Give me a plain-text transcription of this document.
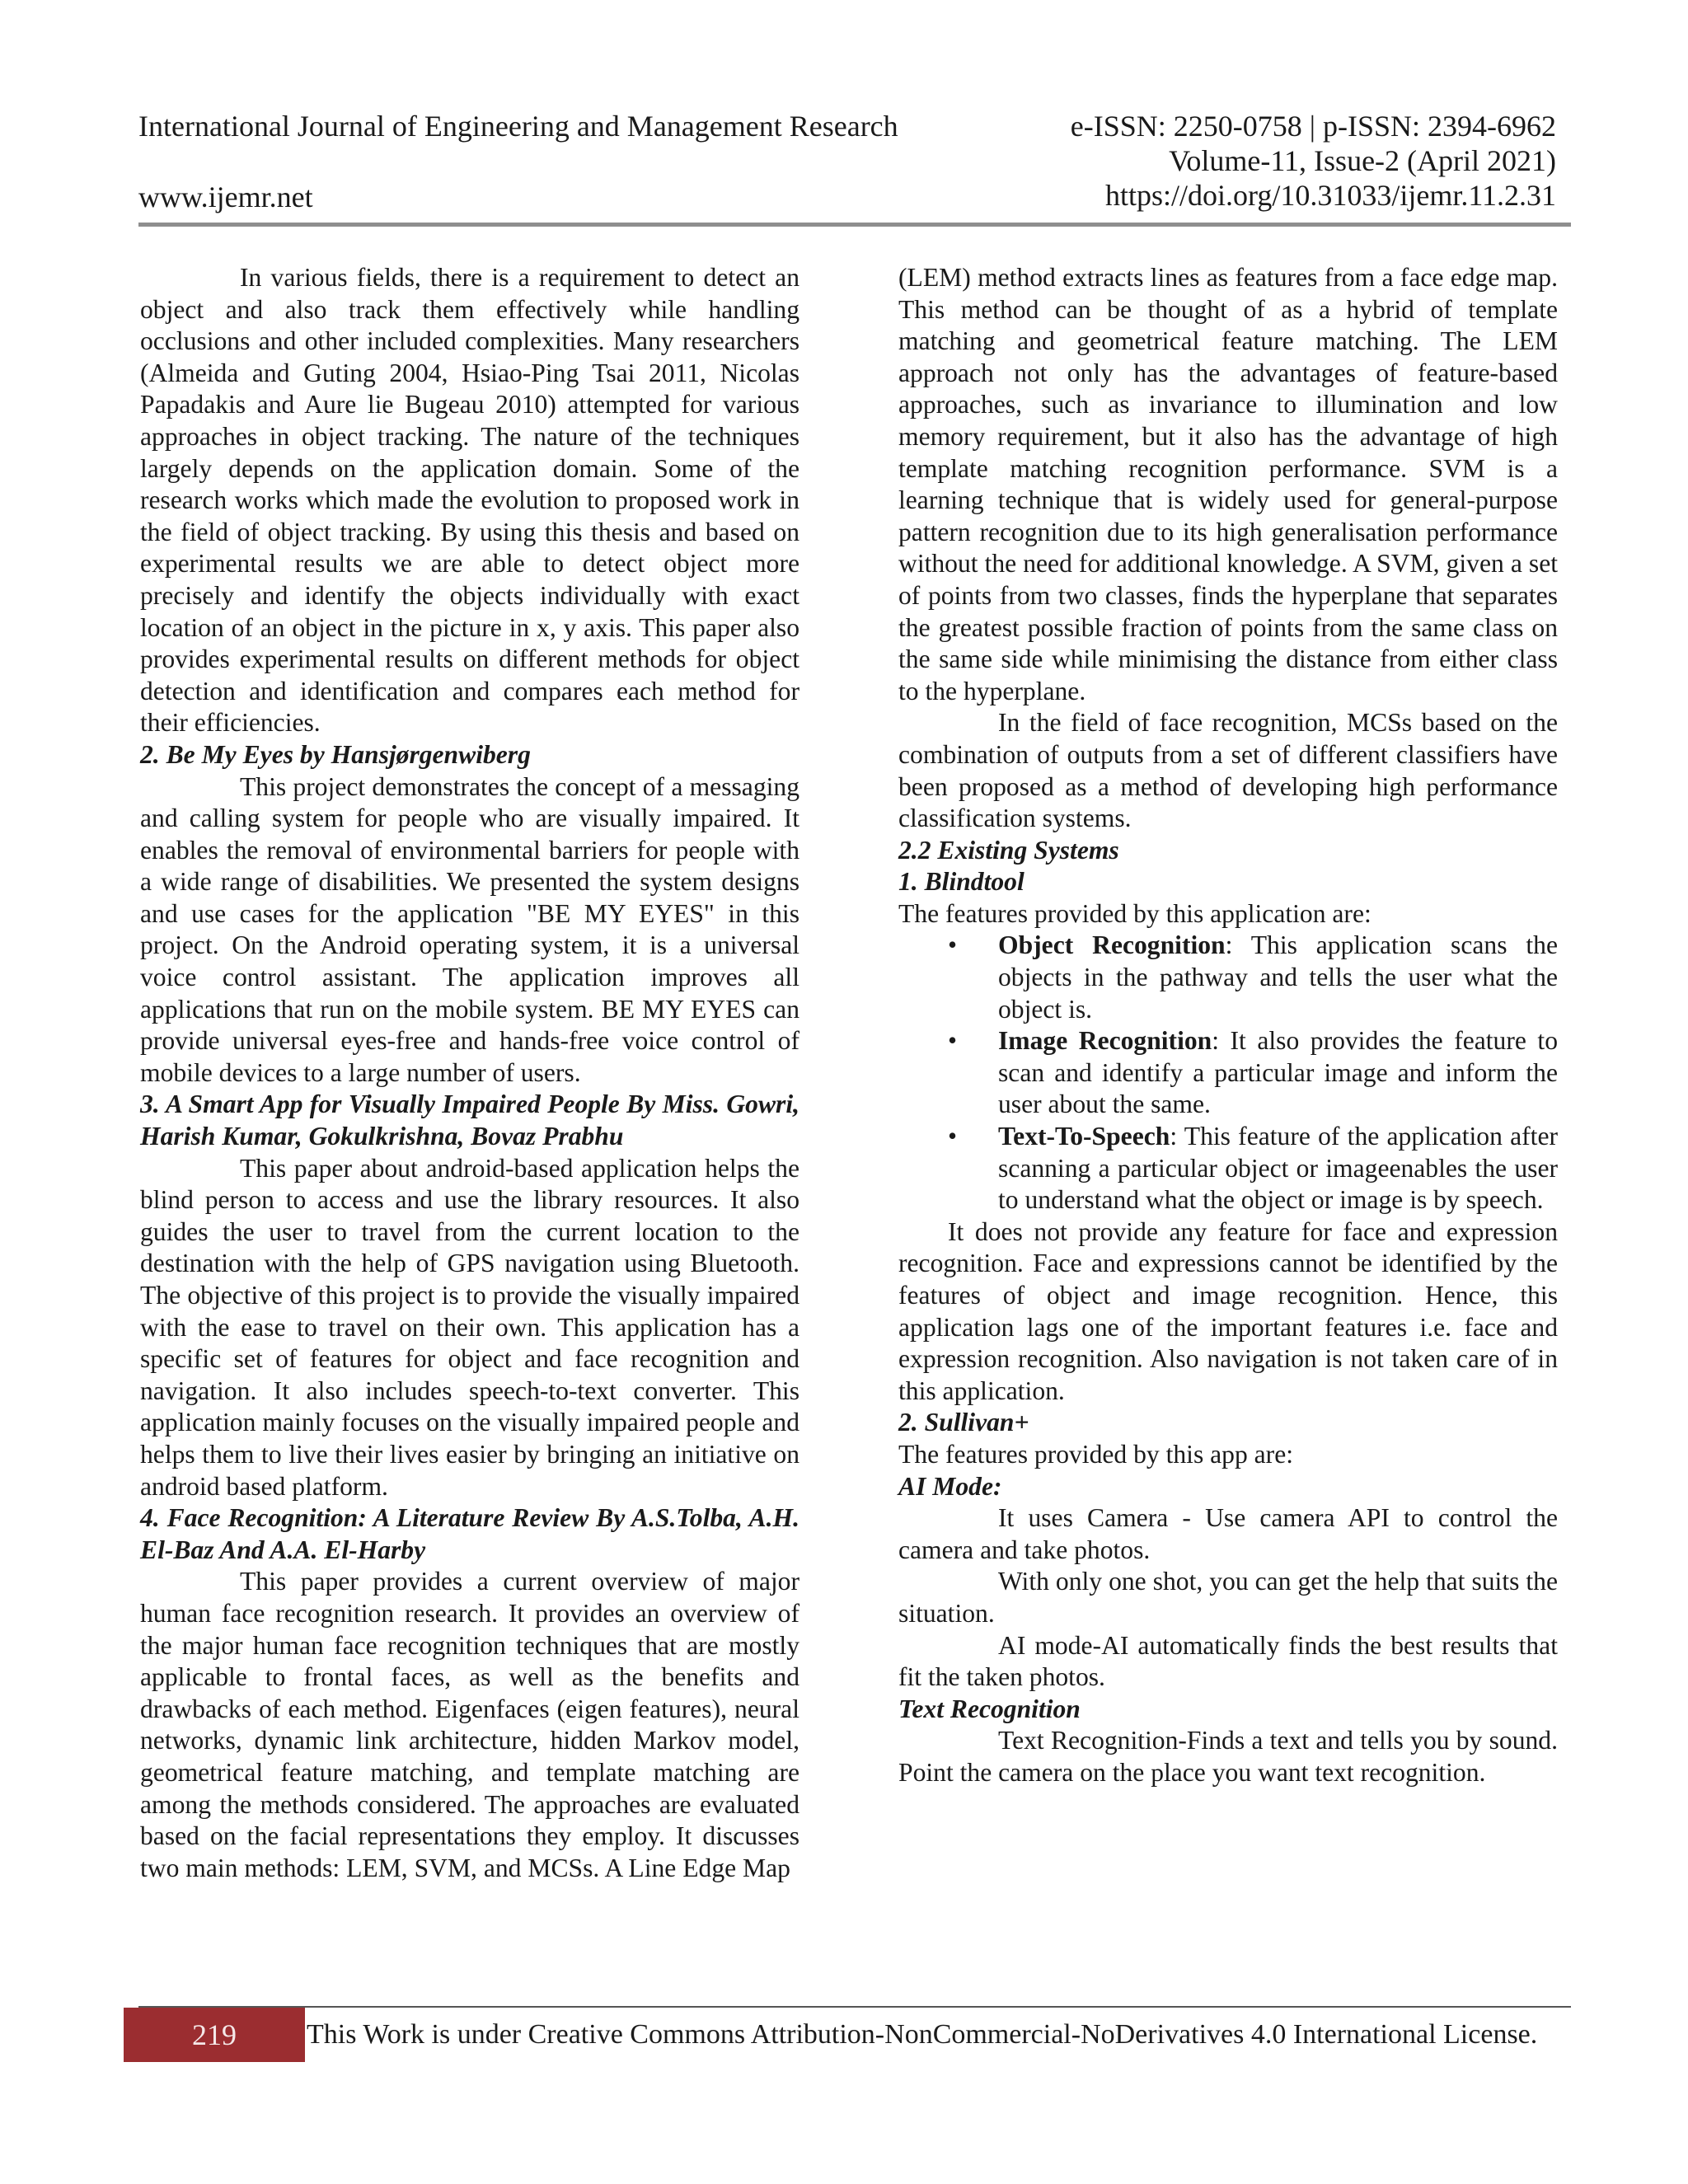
International Journal of Engineering and Management Research	e-ISSN: 2250-0758 | p-ISSN: 2394-6962
Volume-11, Issue-2 (April 2021)
https://doi.org/10.31033/ijemr.11.2.31
www.ijemr.net

In various fields, there is a requirement to detect an object and also track them effectively while handling occlusions and other included complexities. Many researchers (Almeida and Guting 2004, Hsiao-Ping Tsai 2011, Nicolas Papadakis and Aure lie Bugeau 2010) attempted for various approaches in object tracking. The nature of the techniques largely depends on the application domain. Some of the research works which made the evolution to proposed work in the field of object tracking. By using this thesis and based on experimental results we are able to detect object more precisely and identify the objects individually with exact location of an object in the picture in x, y axis. This paper also provides experimental results on different methods for object detection and identification and compares each method for their efficiencies.

2. Be My Eyes by Hansjørgenwiberg

This project demonstrates the concept of a messaging and calling system for people who are visually impaired. It enables the removal of environmental barriers for people with a wide range of disabilities. We presented the system designs and use cases for the application "BE MY EYES" in this project. On the Android operating system, it is a universal voice control assistant. The application improves all applications that run on the mobile system. BE MY EYES can provide universal eyes-free and hands-free voice control of mobile devices to a large number of users.

3. A Smart App for Visually Impaired People By Miss. Gowri, Harish Kumar, Gokulkrishna, Bovaz Prabhu

This paper about android-based application helps the blind person to access and use the library resources. It also guides the user to travel from the current location to the destination with the help of GPS navigation using Bluetooth. The objective of this project is to provide the visually impaired with the ease to travel on their own. This application has a specific set of features for object and face recognition and navigation. It also includes speech-to-text converter. This application mainly focuses on the visually impaired people and helps them to live their lives easier by bringing an initiative on android based platform.

4. Face Recognition: A Literature Review By A.S.Tolba, A.H. El-Baz And A.A. El-Harby

This paper provides a current overview of major human face recognition research. It provides an overview of the major human face recognition techniques that are mostly applicable to frontal faces, as well as the benefits and drawbacks of each method. Eigenfaces (eigen features), neural networks, dynamic link architecture, hidden Markov model, geometrical feature matching, and template matching are among the methods considered. The approaches are evaluated based on the facial representations they employ. It discusses two main methods: LEM, SVM, and MCSs. A Line Edge Map

(LEM) method extracts lines as features from a face edge map. This method can be thought of as a hybrid of template matching and geometrical feature matching. The LEM approach not only has the advantages of feature-based approaches, such as invariance to illumination and low memory requirement, but it also has the advantage of high template matching recognition performance. SVM is a learning technique that is widely used for general-purpose pattern recognition due to its high generalisation performance without the need for additional knowledge. A SVM, given a set of points from two classes, finds the hyperplane that separates the greatest possible fraction of points from the same class on the same side while minimising the distance from either class to the hyperplane.

In the field of face recognition, MCSs based on the combination of outputs from a set of different classifiers have been proposed as a method of developing high performance classification systems.

2.2 Existing Systems
1. Blindtool

The features provided by this application are:

• Object Recognition: This application scans the objects in the pathway and tells the user what the object is.
• Image Recognition: It also provides the feature to scan and identify a particular image and inform the user about the same.
• Text-To-Speech: This feature of the application after scanning a particular object or imageenables the user to understand what the object or image is by speech.

It does not provide any feature for face and expression recognition. Face and expressions cannot be identified by the features of object and image recognition. Hence, this application lags one of the important features i.e. face and expression recognition. Also navigation is not taken care of in this application.

2. Sullivan+

The features provided by this app are:

AI Mode:

It uses Camera - Use camera API to control the camera and take photos.

With only one shot, you can get the help that suits the situation.

AI mode-AI automatically finds the best results that fit the taken photos.

Text Recognition

Text Recognition-Finds a text and tells you by sound. Point the camera on the place you want text recognition.

219	This Work is under Creative Commons Attribution-NonCommercial-NoDerivatives 4.0 International License.
